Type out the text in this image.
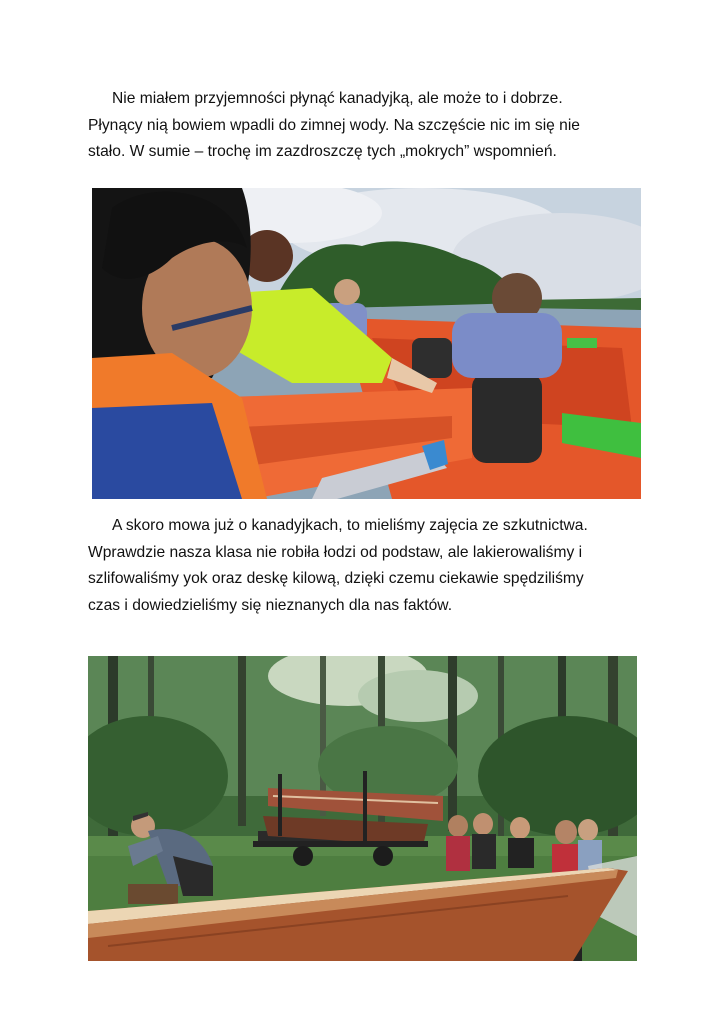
Nie miałem przyjemności płynąć kanadyjką, ale może to i dobrze.
Płynący nią bowiem wpadli do zimnej wody. Na szczęście nic im się nie
stało. W sumie – trochę im zazdroszczę tych „mokrych” wspomnień.

A skoro mowa już o kanadyjkach, to mieliśmy zajęcia ze szkutnictwa.
Wprawdzie nasza klasa nie robiła łodzi od podstaw, ale lakierowaliśmy i
szlifowaliśmy yok oraz deskę kilową, dzięki czemu ciekawie spędziliśmy
czas i dowiedzieliśmy się nieznanych dla nas faktów.
